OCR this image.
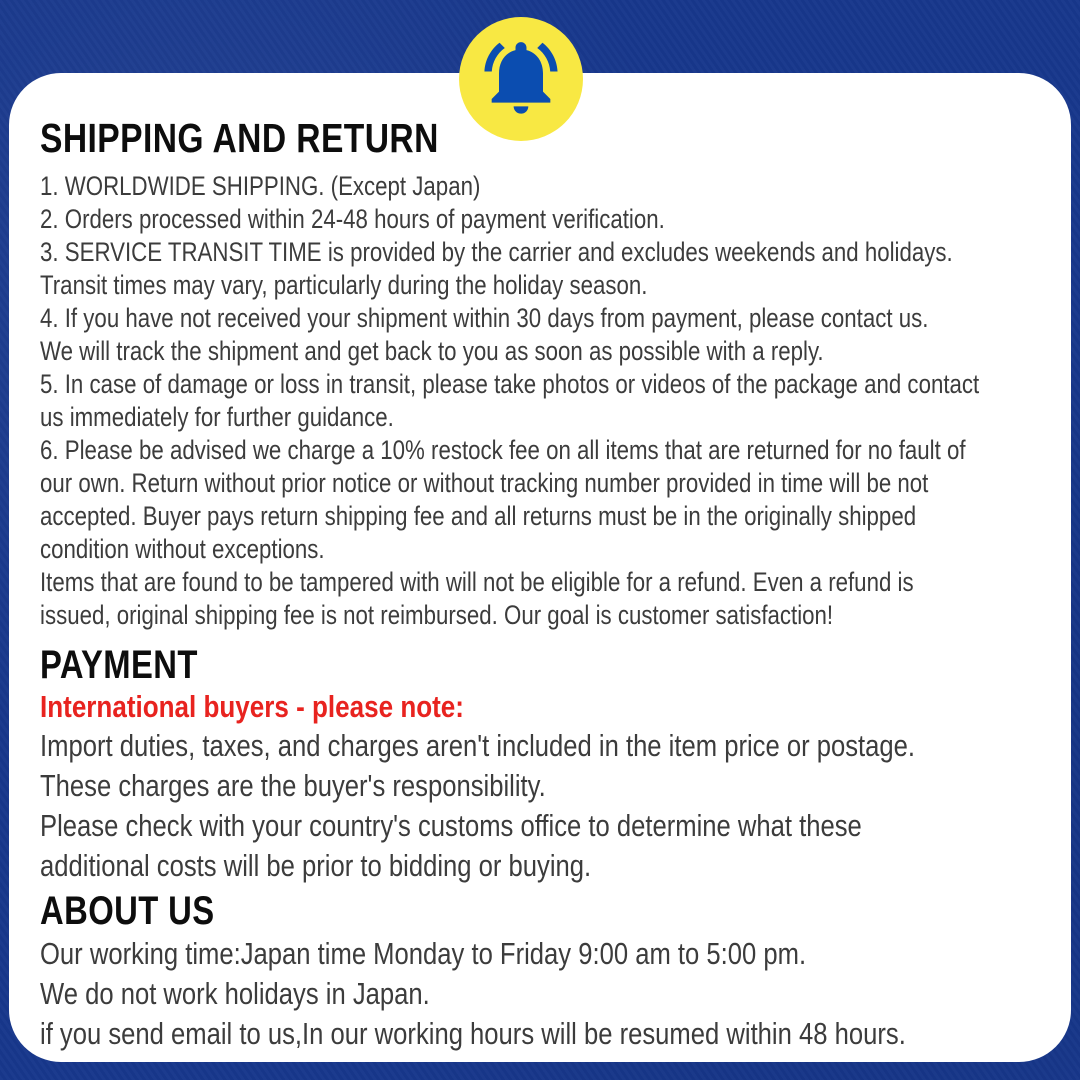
SHIPPING AND RETURN
1. WORLDWIDE SHIPPING. (Except Japan)
2. Orders processed within 24-48 hours of payment verification.
3. SERVICE TRANSIT TIME is provided by the carrier and excludes weekends and holidays.
Transit times may vary, particularly during the holiday season.
4. If you have not received your shipment within 30 days from payment, please contact us.
We will track the shipment and get back to you as soon as possible with a reply.
5. In case of damage or loss in transit, please take photos or videos of the package and contact
us immediately for further guidance.
6. Please be advised we charge a 10% restock fee on all items that are returned for no fault of
our own. Return without prior notice or without tracking number provided in time will be not
accepted. Buyer pays return shipping fee and all returns must be in the originally shipped
condition without exceptions.
Items that are found to be tampered with will not be eligible for a refund. Even a refund is
issued, original shipping fee is not reimbursed. Our goal is customer satisfaction!
PAYMENT
International buyers - please note:
Import duties, taxes, and charges aren't included in the item price or postage.
These charges are the buyer's responsibility.
Please check with your country's customs office to determine what these
additional costs will be prior to bidding or buying.
ABOUT US
Our working time:Japan time Monday to Friday 9:00 am to 5:00 pm.
We do not work holidays in Japan.
if you send email to us,In our working hours will be resumed within 48 hours.
